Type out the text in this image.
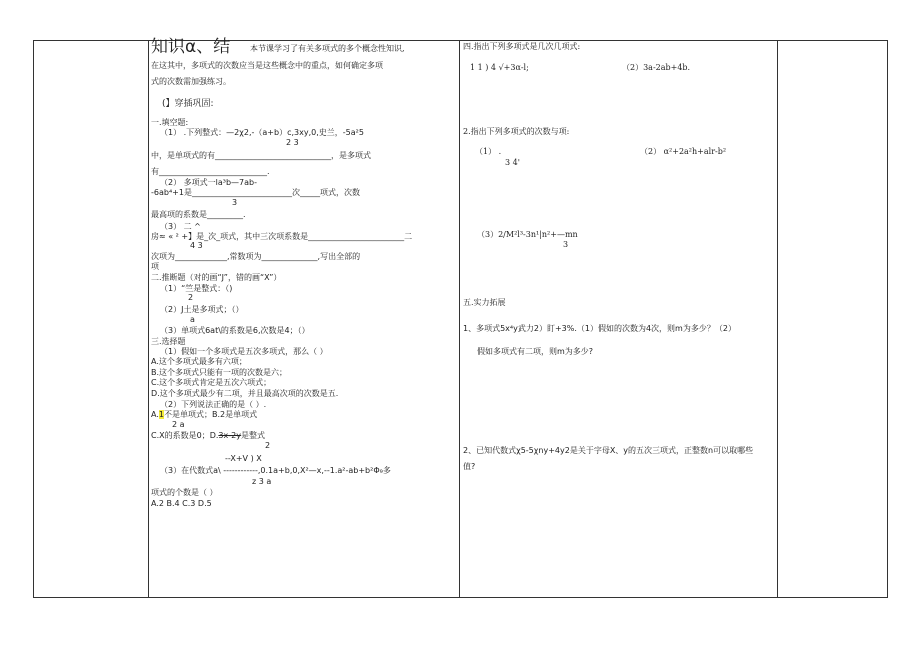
知识α、结 本节课学习了有关多项式的多个概念性知识,
在这其中，多项式的次数应当是这些概念中的重点，如何确定多项
式的次数需加强练习。
(】穿插巩固:
一.填空题:
（1） .下列整式：—2χ2,-（a+b）c,3xy,0,史兰，-5a²5
2 3
中，是单项式的有_____________________________，是多项式
有___________________________.
（2） 多项式一la³b—7ab-
-6ab⁴+1是_________________________次_____项式，次数
3
最高项的系数是_________.
（3） 二 ^
房≈ « ² +】是_次_项式，其中三次项系数是________________________二
4 3
次项为_____________,常数项为______________,写出全部的
项
二.推断题（对的画“J”，错的画“X”）
（1）“竺是整式：（)
2
（2）J土是多项式；（）
a
（3）单项式6at\的系数是6,次数是4；（）
三.选择题
（1）假如一个多项式是五次多项式，那么（ ）
A.这个多项式最多有六项；
B.这个多项式只能有一项的次数是六；
C.这个多项式肯定是五次六项式；
D.这个多项式最少有二项，并且最高次项的次数是五.
（2）下列说法正确的是（ ）.
A.1不是单项式；B.2是单项式
2 a
C.X的系数是0；D.3x-2y是整式
2
--X+V ) X
（3）在代数式a\ ------------,0.1a+b,0,X²—x,--1.a²-ab+b²Φ₉多
z 3 a
项式的个数是（ ）
A.2 B.4 C.3 D.5
四.指出下列多项式是几次几项式:
1 1 ) 4 √+3α-l;	（2）3a-2ab+4b.
2.指出下列多项式的次数与项:
（1） .
3 4'
（2） α²+2a²h+alr-b²
（3）2/M²l³-3n¹|n²+—mn
3
五.实力拓展
1、多项式5x⁴y武力2）盯+3%.（1）假如的次数为4次，则m为多少？（2）
假如多项式有二项，则m为多少?
2、已知代数式χ5-5χny+4y2是关于字母X、y的五次三项式，正整数n可以取哪些
值?
